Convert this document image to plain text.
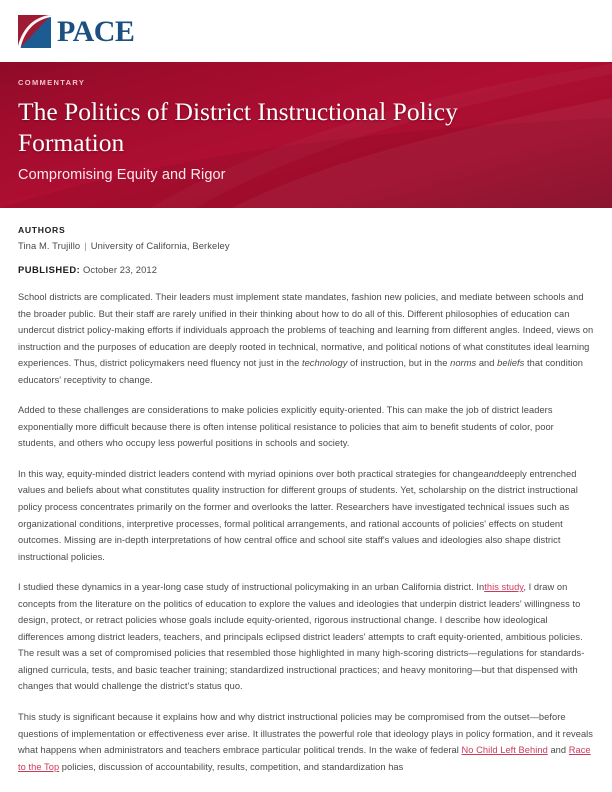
PACE
COMMENTARY
The Politics of District Instructional Policy Formation
Compromising Equity and Rigor
AUTHORS
Tina M. Trujillo | University of California, Berkeley
PUBLISHED: October 23, 2012

School districts are complicated. Their leaders must implement state mandates, fashion new policies, and mediate between schools and the broader public. But their staff are rarely unified in their thinking about how to do all of this. Different philosophies of education can undercut district policy-making efforts if individuals approach the problems of teaching and learning from different angles. Indeed, views on instruction and the purposes of education are deeply rooted in technical, normative, and political notions of what constitutes ideal learning experiences. Thus, district policymakers need fluency not just in the technology of instruction, but in the norms and beliefs that condition educators' receptivity to change.

Added to these challenges are considerations to make policies explicitly equity-oriented. This can make the job of district leaders exponentially more difficult because there is often intense political resistance to policies that aim to benefit students of color, poor students, and others who occupy less powerful positions in schools and society.

In this way, equity-minded district leaders contend with myriad opinions over both practical strategies for changeanddeeply entrenched values and beliefs about what constitutes quality instruction for different groups of students. Yet, scholarship on the district instructional policy process concentrates primarily on the former and overlooks the latter. Researchers have investigated technical issues such as organizational conditions, interpretive processes, formal political arrangements, and rational accounts of policies' effects on student outcomes. Missing are in-depth interpretations of how central office and school site staff's values and ideologies also shape district instructional policies.

I studied these dynamics in a year-long case study of instructional policymaking in an urban California district. Inthis study, I draw on concepts from the literature on the politics of education to explore the values and ideologies that underpin district leaders' willingness to design, protect, or retract policies whose goals include equity-oriented, rigorous instructional change. I describe how ideological differences among district leaders, teachers, and principals eclipsed district leaders' attempts to craft equity-oriented, ambitious policies. The result was a set of compromised policies that resembled those highlighted in many high-scoring districts—regulations for standards-aligned curricula, tests, and basic teacher training; standardized instructional practices; and heavy monitoring—but that dispensed with changes that would challenge the district's status quo.

This study is significant because it explains how and why district instructional policies may be compromised from the outset—before questions of implementation or effectiveness ever arise. It illustrates the powerful role that ideology plays in policy formation, and it reveals what happens when administrators and teachers embrace particular political trends. In the wake of federal No Child Left Behind and Race to the Top policies, discussion of accountability, results, competition, and standardization has
